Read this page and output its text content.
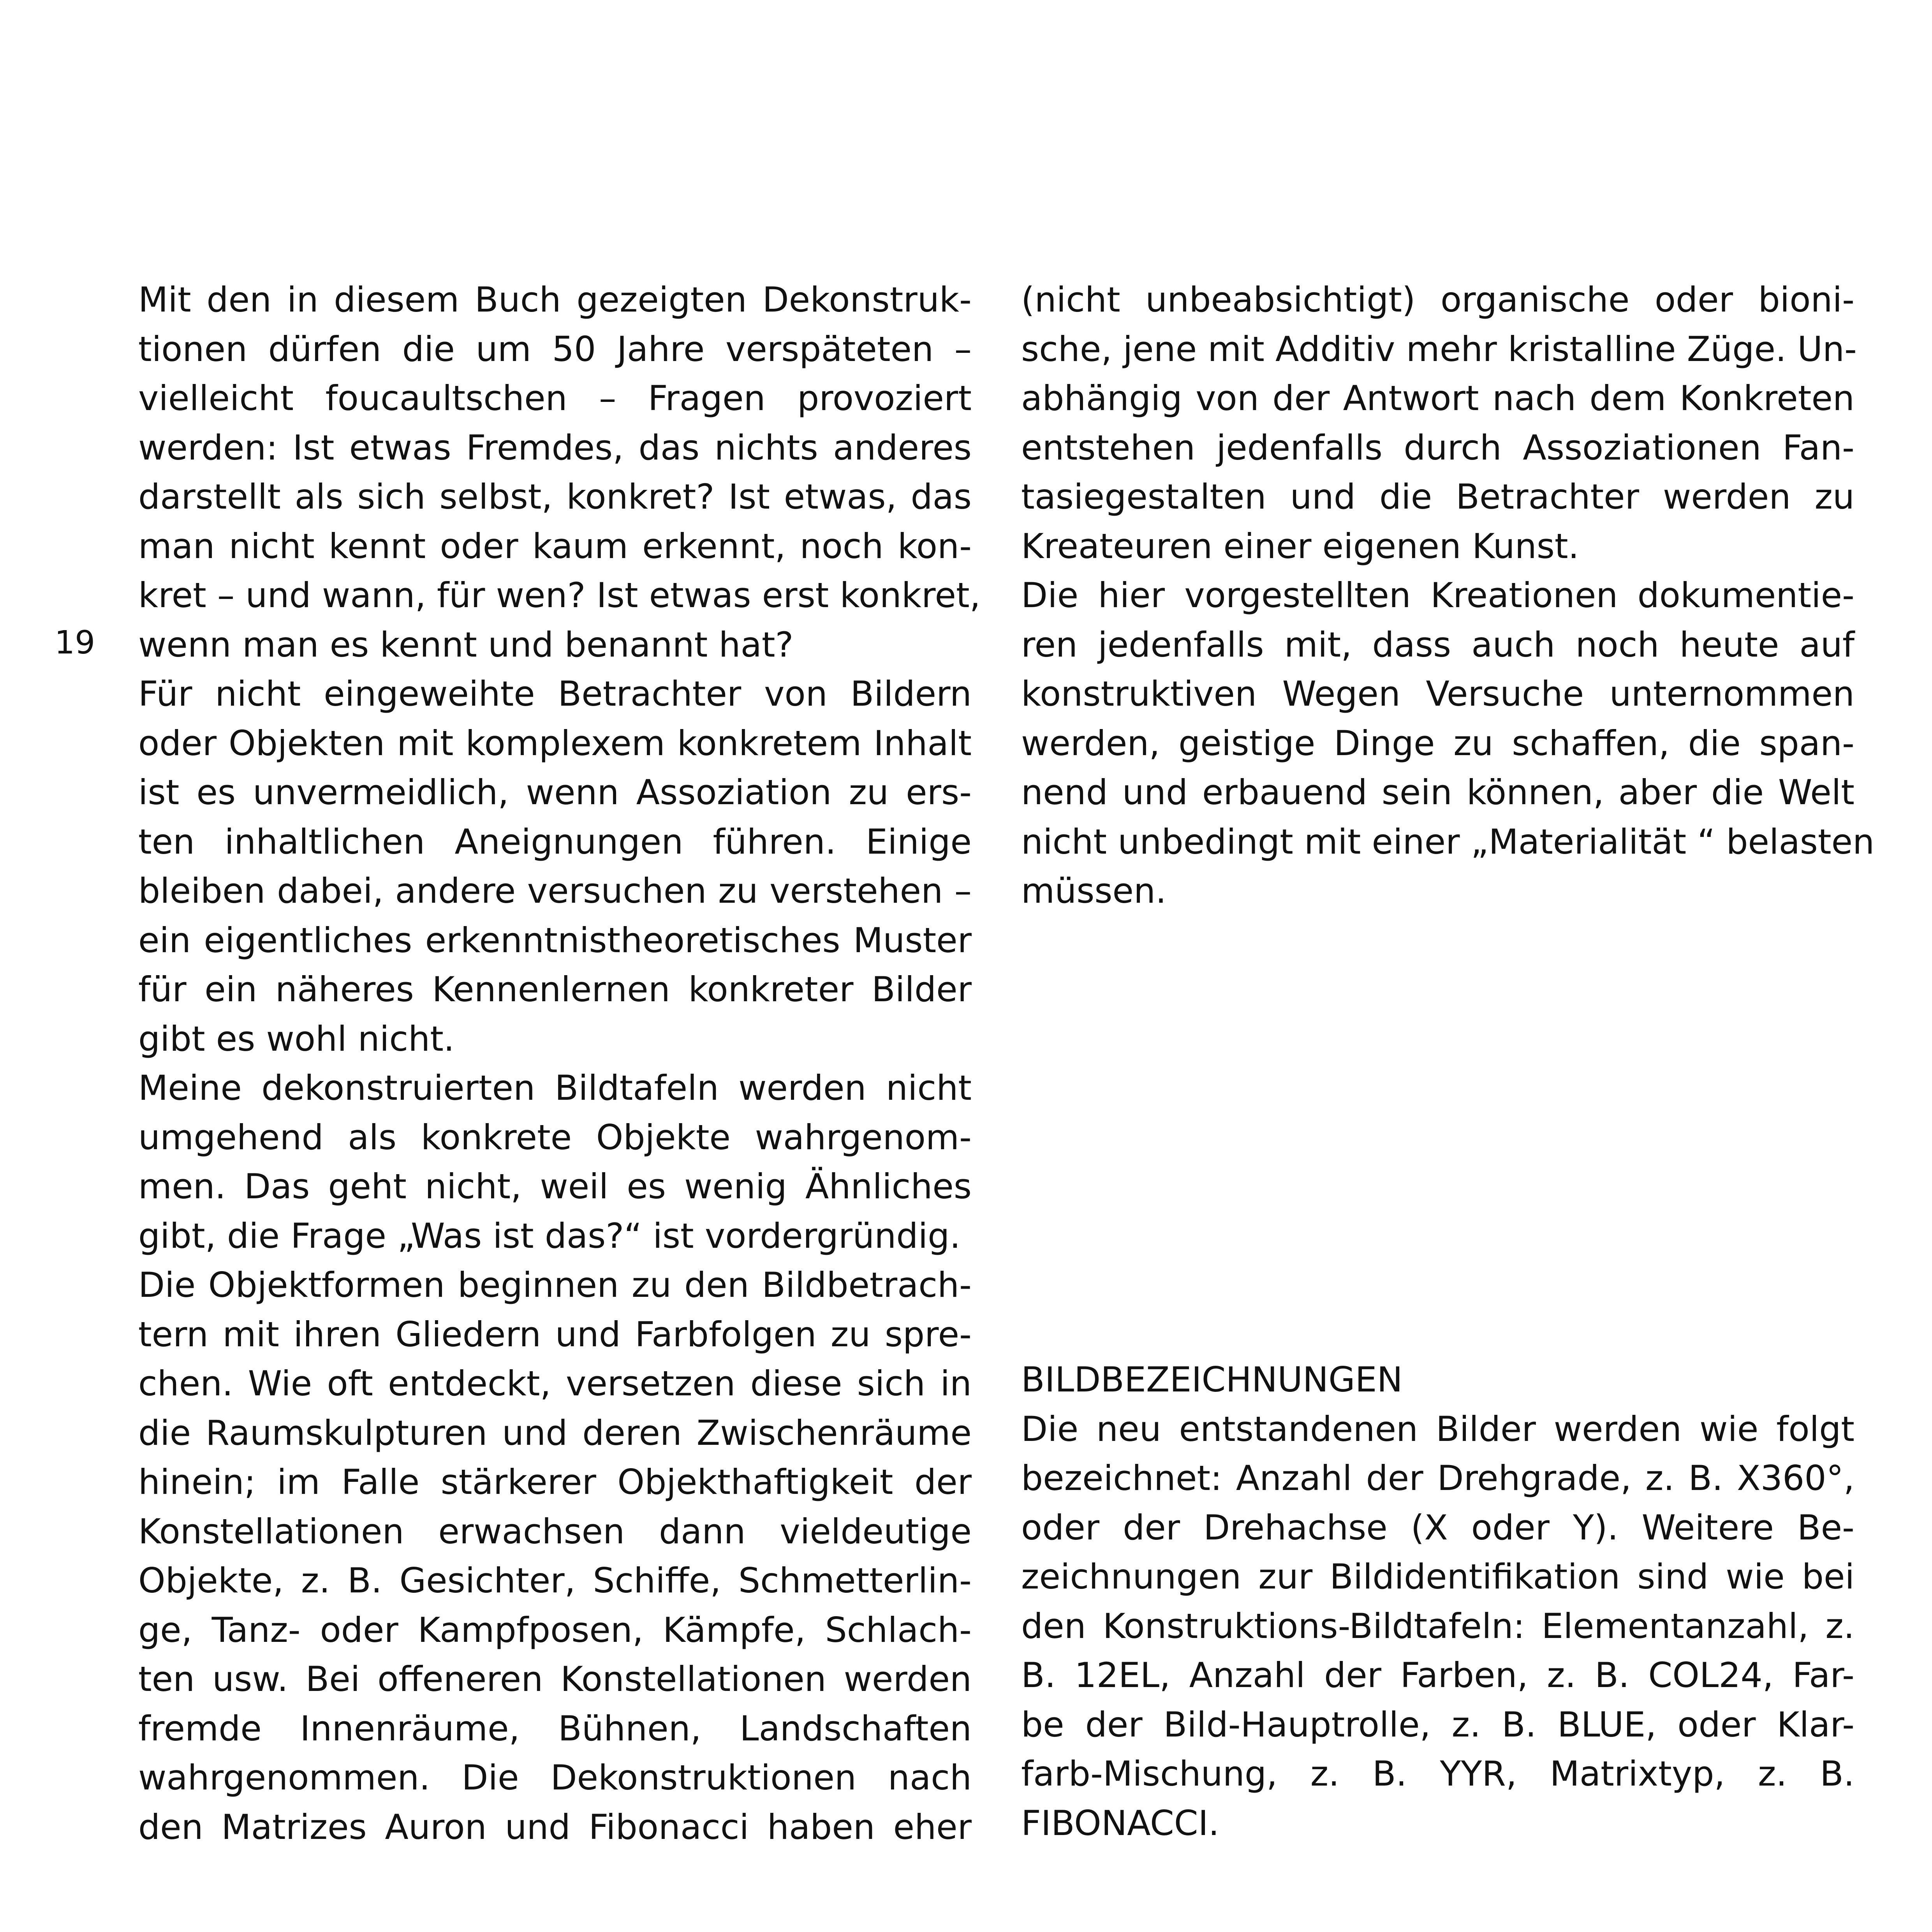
19
Mit den in diesem Buch gezeigten Dekonstruk-
tionen dürfen die um 50 Jahre verspäteten –
vielleicht foucaultschen – Fragen provoziert
werden: Ist etwas Fremdes, das nichts anderes
darstellt als sich selbst, konkret? Ist etwas, das
man nicht kennt oder kaum erkennt, noch kon-
kret – und wann, für wen? Ist etwas erst konkret,
wenn man es kennt und benannt hat?
Für nicht eingeweihte Betrachter von Bildern
oder Objekten mit komplexem konkretem Inhalt
ist es unvermeidlich, wenn Assoziation zu ers-
ten inhaltlichen Aneignungen führen. Einige
bleiben dabei, andere versuchen zu verstehen –
ein eigentliches erkenntnistheoretisches Muster
für ein näheres Kennenlernen konkreter Bilder
gibt es wohl nicht.
Meine dekonstruierten Bildtafeln werden nicht
umgehend als konkrete Objekte wahrgenom-
men. Das geht nicht, weil es wenig Ähnliches
gibt, die Frage „Was ist das?“ ist vordergründig.
Die Objektformen beginnen zu den Bildbetrach-
tern mit ihren Gliedern und Farbfolgen zu spre-
chen. Wie oft entdeckt, versetzen diese sich in
die Raumskulpturen und deren Zwischenräume
hinein; im Falle stärkerer Objekthaftigkeit der
Konstellationen erwachsen dann vieldeutige
Objekte, z. B. Gesichter, Schiffe, Schmetterlin-
ge, Tanz- oder Kampfposen, Kämpfe, Schlach-
ten usw. Bei offeneren Konstellationen werden
fremde Innenräume, Bühnen, Landschaften
wahrgenommen. Die Dekonstruktionen nach
den Matrizes Auron und Fibonacci haben eher
(nicht unbeabsichtigt) organische oder bioni-
sche, jene mit Additiv mehr kristalline Züge. Un-
abhängig von der Antwort nach dem Konkreten
entstehen jedenfalls durch Assoziationen Fan-
tasiegestalten und die Betrachter werden zu
Kreateuren einer eigenen Kunst.
Die hier vorgestellten Kreationen dokumentie-
ren jedenfalls mit, dass auch noch heute auf
konstruktiven Wegen Versuche unternommen
werden, geistige Dinge zu schaffen, die span-
nend und erbauend sein können, aber die Welt
nicht unbedingt mit einer „Materialität “ belasten
müssen.
BILDBEZEICHNUNGEN
Die neu entstandenen Bilder werden wie folgt
bezeichnet: Anzahl der Drehgrade, z. B. X360°,
oder der Drehachse (X oder Y). Weitere Be-
zeichnungen zur Bildidentifikation sind wie bei
den Konstruktions-Bildtafeln: Elementanzahl, z.
B. 12EL, Anzahl der Farben, z. B. COL24, Far-
be der Bild-Hauptrolle, z. B. BLUE, oder Klar-
farb-Mischung, z. B. YYR, Matrixtyp, z. B.
FIBONACCI.
